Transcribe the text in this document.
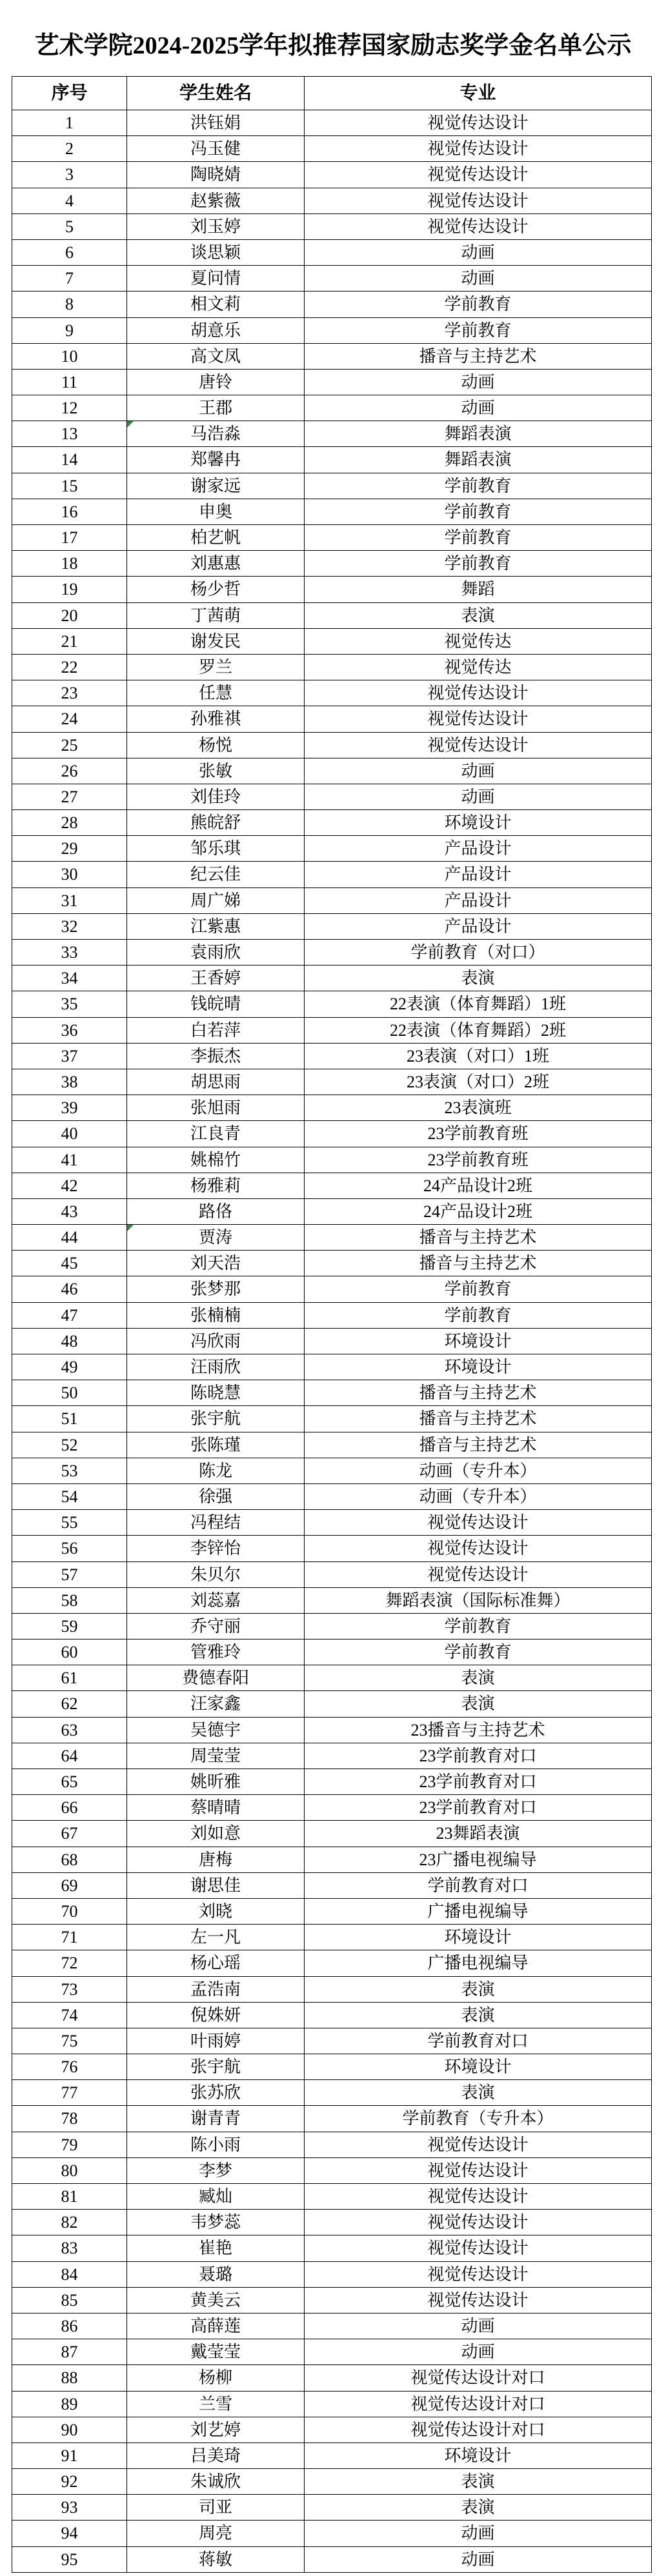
艺术学院2024-2025学年拟推荐国家励志奖学金名单公示
序号	学生姓名	专业
1	洪钰娟	视觉传达设计
2	冯玉健	视觉传达设计
3	陶晓婧	视觉传达设计
4	赵紫薇	视觉传达设计
5	刘玉婷	视觉传达设计
6	谈思颖	动画
7	夏问情	动画
8	相文莉	学前教育
9	胡意乐	学前教育
10	高文凤	播音与主持艺术
11	唐铃	动画
12	王郡	动画
13	马浩淼	舞蹈表演
14	郑馨冉	舞蹈表演
15	谢家远	学前教育
16	申奥	学前教育
17	柏艺帆	学前教育
18	刘惠惠	学前教育
19	杨少哲	舞蹈
20	丁茜萌	表演
21	谢发民	视觉传达
22	罗兰	视觉传达
23	任慧	视觉传达设计
24	孙雅祺	视觉传达设计
25	杨悦	视觉传达设计
26	张敏	动画
27	刘佳玲	动画
28	熊皖舒	环境设计
29	邹乐琪	产品设计
30	纪云佳	产品设计
31	周广娣	产品设计
32	江紫惠	产品设计
33	袁雨欣	学前教育（对口）
34	王香婷	表演
35	钱皖晴	22表演（体育舞蹈）1班
36	白若萍	22表演（体育舞蹈）2班
37	李振杰	23表演（对口）1班
38	胡思雨	23表演（对口）2班
39	张旭雨	23表演班
40	江良青	23学前教育班
41	姚棉竹	23学前教育班
42	杨雅莉	24产品设计2班
43	路佫	24产品设计2班
44	贾涛	播音与主持艺术
45	刘天浩	播音与主持艺术
46	张梦那	学前教育
47	张楠楠	学前教育
48	冯欣雨	环境设计
49	汪雨欣	环境设计
50	陈晓慧	播音与主持艺术
51	张宇航	播音与主持艺术
52	张陈瑾	播音与主持艺术
53	陈龙	动画（专升本）
54	徐强	动画（专升本）
55	冯程结	视觉传达设计
56	李锌怡	视觉传达设计
57	朱贝尔	视觉传达设计
58	刘蕊嘉	舞蹈表演（国际标准舞）
59	乔守丽	学前教育
60	管雅玲	学前教育
61	费德春阳	表演
62	汪家鑫	表演
63	吴德宇	23播音与主持艺术
64	周莹莹	23学前教育对口
65	姚昕雅	23学前教育对口
66	蔡晴晴	23学前教育对口
67	刘如意	23舞蹈表演
68	唐梅	23广播电视编导
69	谢思佳	学前教育对口
70	刘晓	广播电视编导
71	左一凡	环境设计
72	杨心瑶	广播电视编导
73	孟浩南	表演
74	倪姝妍	表演
75	叶雨婷	学前教育对口
76	张宇航	环境设计
77	张苏欣	表演
78	谢青青	学前教育（专升本）
79	陈小雨	视觉传达设计
80	李梦	视觉传达设计
81	臧灿	视觉传达设计
82	韦梦蕊	视觉传达设计
83	崔艳	视觉传达设计
84	聂璐	视觉传达设计
85	黄美云	视觉传达设计
86	高薛莲	动画
87	戴莹莹	动画
88	杨柳	视觉传达设计对口
89	兰雪	视觉传达设计对口
90	刘艺婷	视觉传达设计对口
91	吕美琦	环境设计
92	朱诚欣	表演
93	司亚	表演
94	周亮	动画
95	蒋敏	动画
